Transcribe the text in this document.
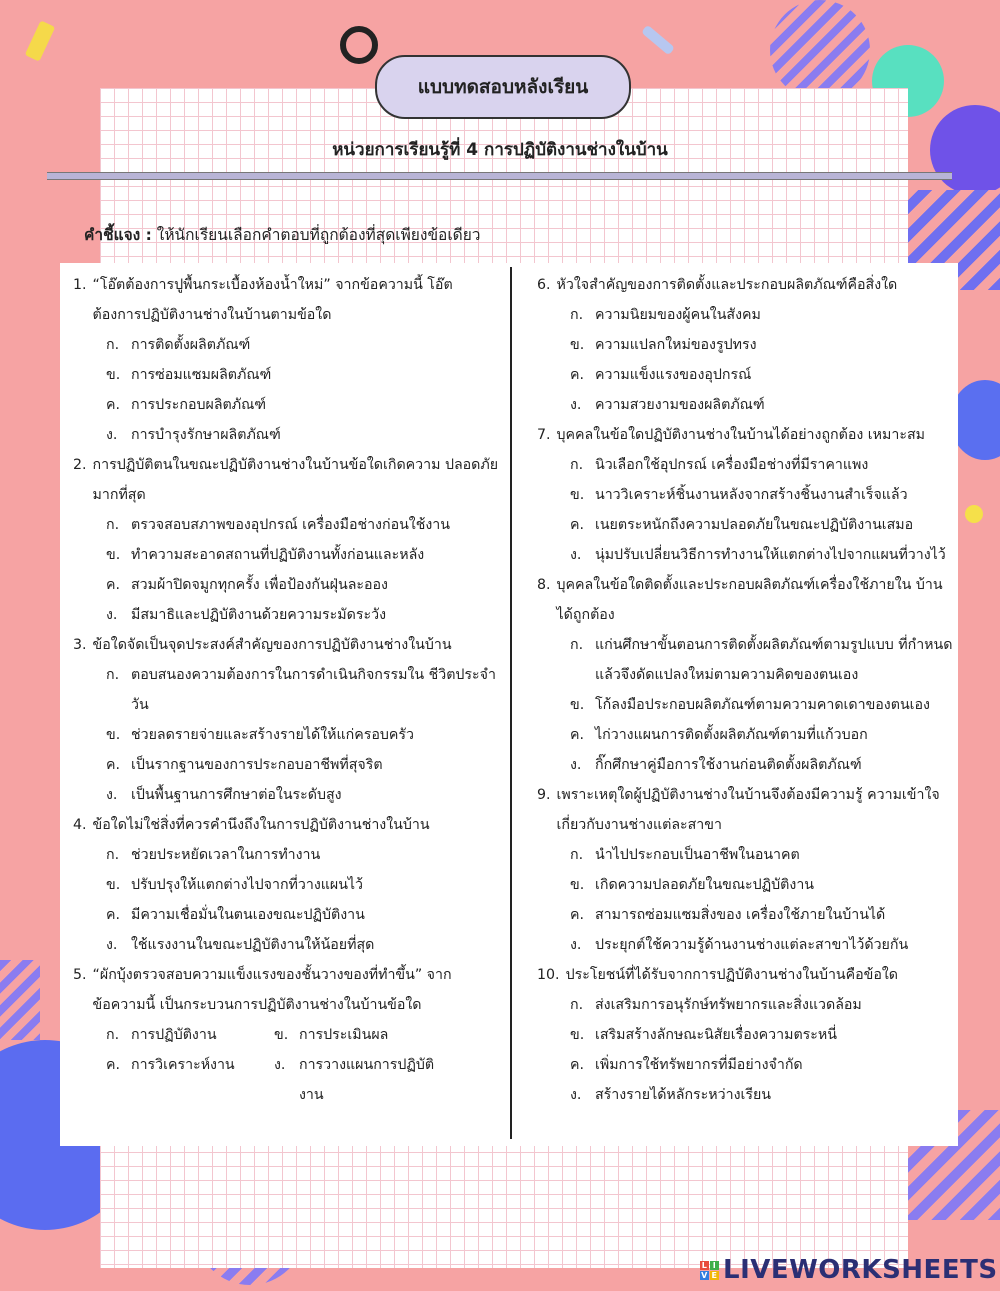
แบบทดสอบหลังเรียน
หน่วยการเรียนรู้ที่ 4 การปฏิบัติงานช่างในบ้าน
คำชี้แจง : ให้นักเรียนเลือกคำตอบที่ถูกต้องที่สุดเพียงข้อเดียว
1. “โอ๊ตต้องการปูพื้นกระเบื้องห้องน้ำใหม่” จากข้อความนี้ โอ๊ต ต้องการปฏิบัติงานช่างในบ้านตามข้อใด
ก. การติดตั้งผลิตภัณฑ์
ข. การซ่อมแซมผลิตภัณฑ์
ค. การประกอบผลิตภัณฑ์
ง. การบำรุงรักษาผลิตภัณฑ์
2. การปฏิบัติตนในขณะปฏิบัติงานช่างในบ้านข้อใดเกิดความ ปลอดภัยมากที่สุด
ก. ตรวจสอบสภาพของอุปกรณ์ เครื่องมือช่างก่อนใช้งาน
ข. ทำความสะอาดสถานที่ปฏิบัติงานทั้งก่อนและหลัง
ค. สวมผ้าปิดจมูกทุกครั้ง เพื่อป้องกันฝุ่นละออง
ง. มีสมาธิและปฏิบัติงานด้วยความระมัดระวัง
3. ข้อใดจัดเป็นจุดประสงค์สำคัญของการปฏิบัติงานช่างในบ้าน
ก. ตอบสนองความต้องการในการดำเนินกิจกรรมใน ชีวิตประจำวัน
ข. ช่วยลดรายจ่ายและสร้างรายได้ให้แก่ครอบครัว
ค. เป็นรากฐานของการประกอบอาชีพที่สุจริต
ง. เป็นพื้นฐานการศึกษาต่อในระดับสูง
4. ข้อใดไม่ใช่สิ่งที่ควรคำนึงถึงในการปฏิบัติงานช่างในบ้าน
ก. ช่วยประหยัดเวลาในการทำงาน
ข. ปรับปรุงให้แตกต่างไปจากที่วางแผนไว้
ค. มีความเชื่อมั่นในตนเองขณะปฏิบัติงาน
ง. ใช้แรงงานในขณะปฏิบัติงานให้น้อยที่สุด
5. “ผักบุ้งตรวจสอบความแข็งแรงของชั้นวางของที่ทำขึ้น” จาก ข้อความนี้ เป็นกระบวนการปฏิบัติงานช่างในบ้านข้อใด
ก. การปฏิบัติงาน	ข. การประเมินผล
ค. การวิเคราะห์งาน	ง. การวางแผนการปฏิบัติงาน
6. หัวใจสำคัญของการติดตั้งและประกอบผลิตภัณฑ์คือสิ่งใด
ก. ความนิยมของผู้คนในสังคม
ข. ความแปลกใหม่ของรูปทรง
ค. ความแข็งแรงของอุปกรณ์
ง. ความสวยงามของผลิตภัณฑ์
7. บุคคลในข้อใดปฏิบัติงานช่างในบ้านได้อย่างถูกต้อง เหมาะสม
ก. นิวเลือกใช้อุปกรณ์ เครื่องมือช่างที่มีราคาแพง
ข. นาววิเคราะห์ชิ้นงานหลังจากสร้างชิ้นงานสำเร็จแล้ว
ค. เนยตระหนักถึงความปลอดภัยในขณะปฏิบัติงานเสมอ
ง. นุ่มปรับเปลี่ยนวิธีการทำงานให้แตกต่างไปจากแผนที่วางไว้
8. บุคคลในข้อใดติดตั้งและประกอบผลิตภัณฑ์เครื่องใช้ภายใน บ้านได้ถูกต้อง
ก. แก่นศึกษาขั้นตอนการติดตั้งผลิตภัณฑ์ตามรูปแบบ ที่กำหนด แล้วจึงดัดแปลงใหม่ตามความคิดของตนเอง
ข. โก้ลงมือประกอบผลิตภัณฑ์ตามความคาดเดาของตนเอง
ค. ไก่วางแผนการติดตั้งผลิตภัณฑ์ตามที่แก้วบอก
ง. กิ๊กศึกษาคู่มือการใช้งานก่อนติดตั้งผลิตภัณฑ์
9. เพราะเหตุใดผู้ปฏิบัติงานช่างในบ้านจึงต้องมีความรู้ ความเข้าใจเกี่ยวกับงานช่างแต่ละสาขา
ก. นำไปประกอบเป็นอาชีพในอนาคต
ข. เกิดความปลอดภัยในขณะปฏิบัติงาน
ค. สามารถซ่อมแซมสิ่งของ เครื่องใช้ภายในบ้านได้
ง. ประยุกต์ใช้ความรู้ด้านงานช่างแต่ละสาขาไว้ด้วยกัน
10. ประโยชน์ที่ได้รับจากการปฏิบัติงานช่างในบ้านคือข้อใด
ก. ส่งเสริมการอนุรักษ์ทรัพยากรและสิ่งแวดล้อม
ข. เสริมสร้างลักษณะนิสัยเรื่องความตระหนี่
ค. เพิ่มการใช้ทรัพยากรที่มีอย่างจำกัด
ง. สร้างรายได้หลักระหว่างเรียน
L I
V E LIVEWORKSHEETS
